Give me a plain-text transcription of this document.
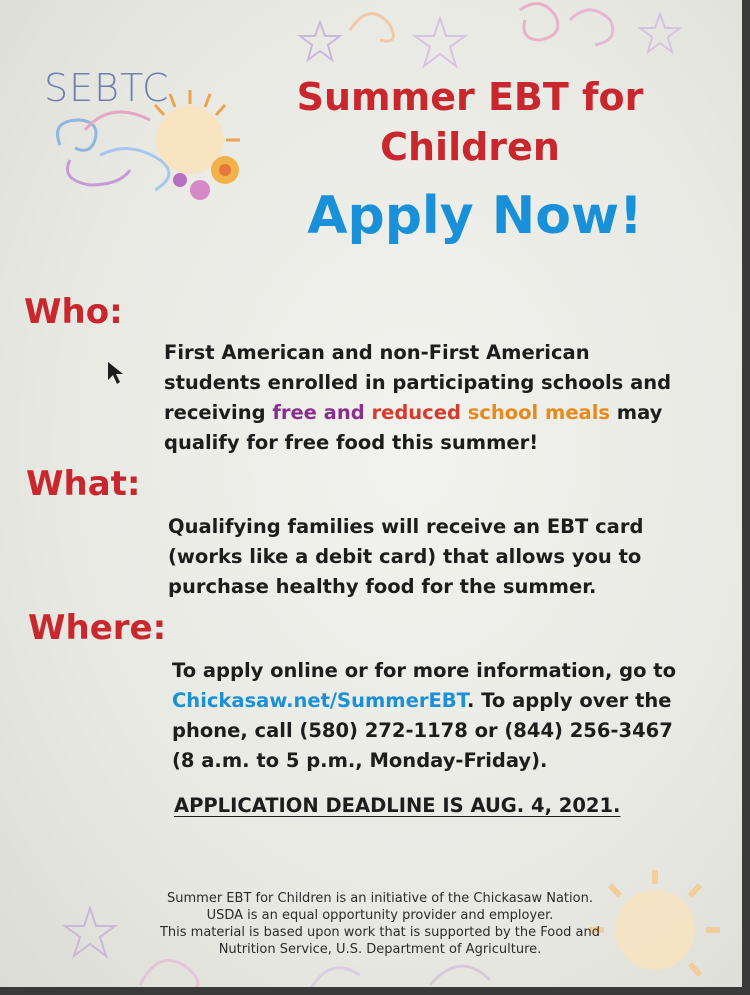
SEBTC	Summer EBT for
Children
Apply Now!
Who:
First American and non-First American
students enrolled in participating schools and
receiving free and reduced school meals may
qualify for free food this summer!
What:
Qualifying families will receive an EBT card
(works like a debit card) that allows you to
purchase healthy food for the summer.
Where:
To apply online or for more information, go to
Chickasaw.net/SummerEBT. To apply over the
phone, call (580) 272-1178 or (844) 256-3467
(8 a.m. to 5 p.m., Monday-Friday).
APPLICATION DEADLINE IS AUG. 4, 2021.
Summer EBT for Children is an initiative of the Chickasaw Nation.
USDA is an equal opportunity provider and employer.
This material is based upon work that is supported by the Food and
Nutrition Service, U.S. Department of Agriculture.
